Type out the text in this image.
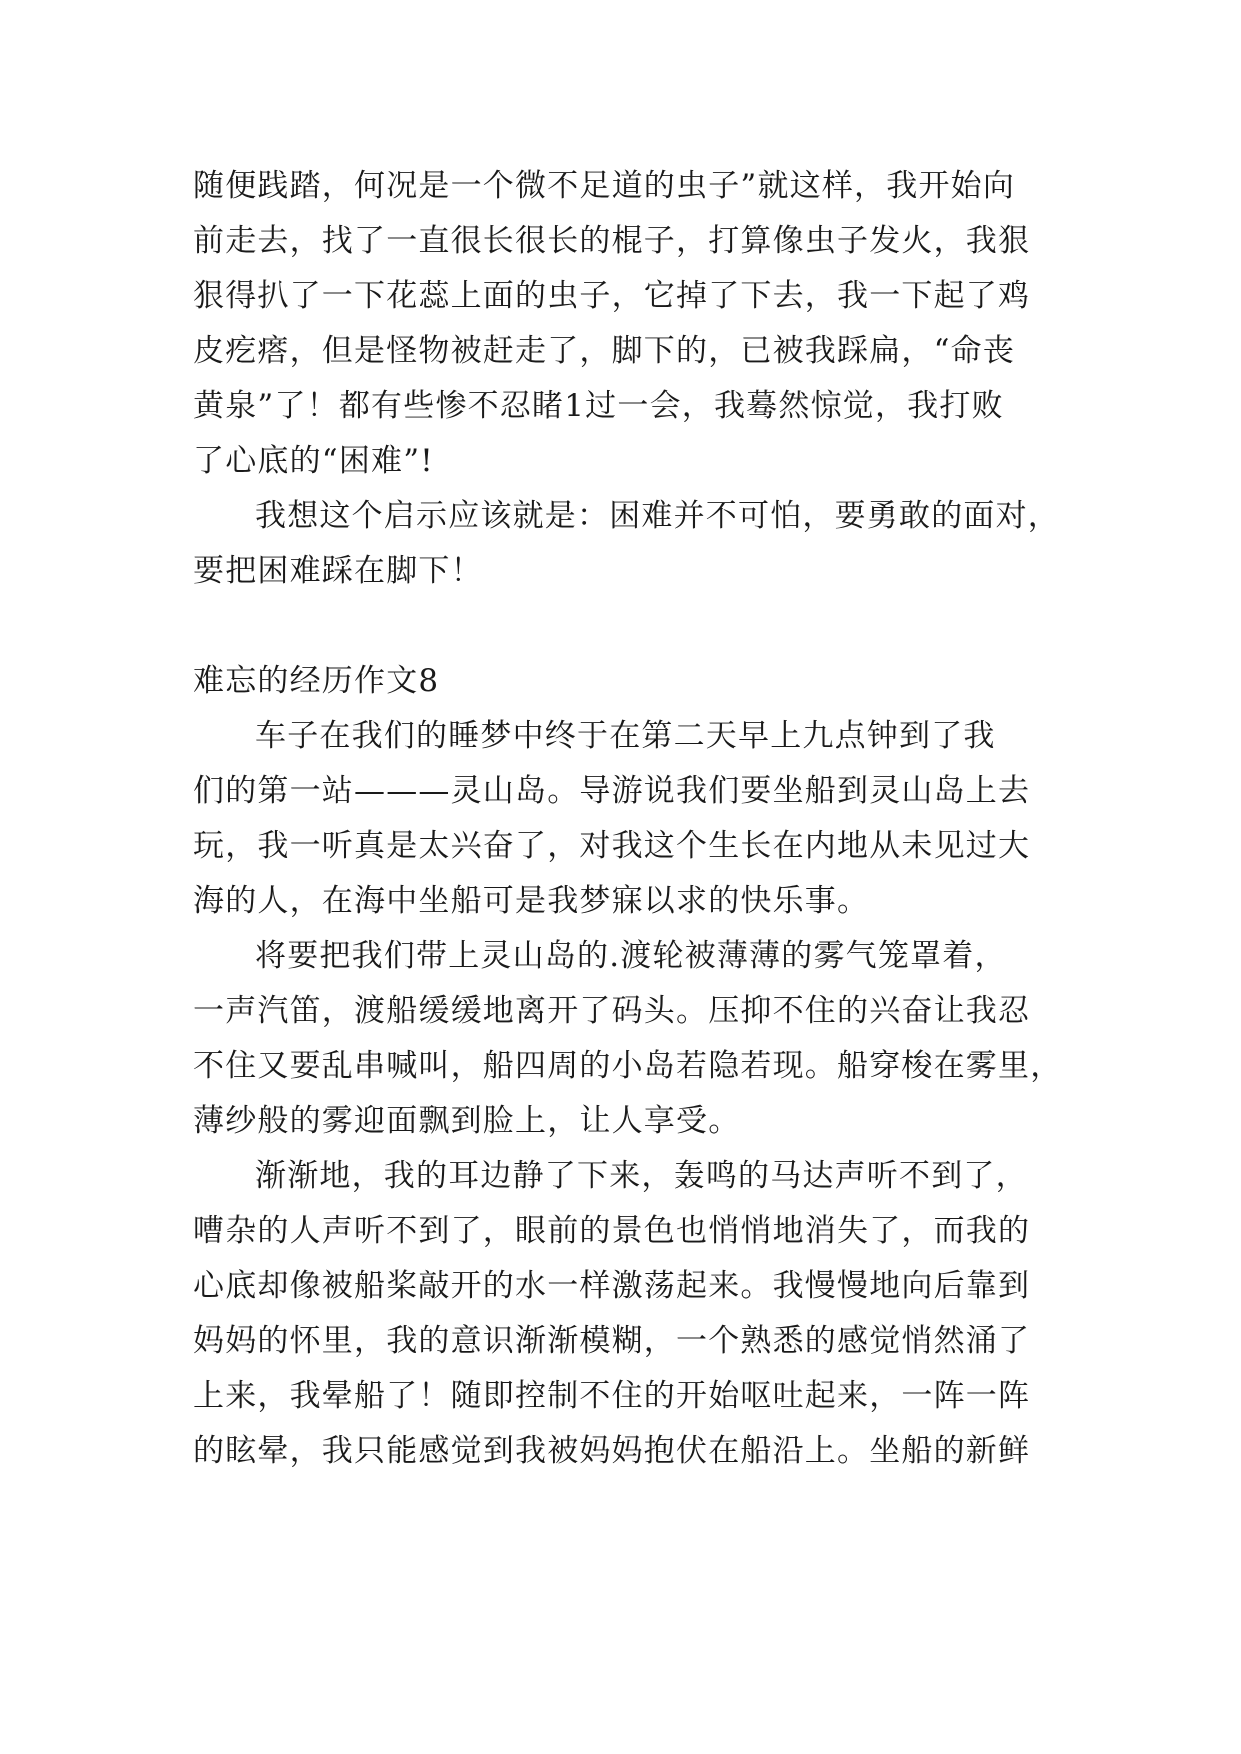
随便践踏，何况是一个微不足道的虫子”就这样，我开始向
前走去，找了一直很长很长的棍子，打算像虫子发火，我狠
狠得扒了一下花蕊上面的虫子，它掉了下去，我一下起了鸡
皮疙瘩，但是怪物被赶走了，脚下的，已被我踩扁，“命丧
黄泉”了！都有些惨不忍睹1过一会，我蓦然惊觉，我打败
了心底的“困难”!
我想这个启示应该就是：困难并不可怕，要勇敢的面对，
要把困难踩在脚下！
难忘的经历作文8
车子在我们的睡梦中终于在第二天早上九点钟到了我
们的第一站———灵山岛。导游说我们要坐船到灵山岛上去
玩，我一听真是太兴奋了，对我这个生长在内地从未见过大
海的人，在海中坐船可是我梦寐以求的快乐事。
将要把我们带上灵山岛的.渡轮被薄薄的雾气笼罩着，
一声汽笛，渡船缓缓地离开了码头。压抑不住的兴奋让我忍
不住又要乱串喊叫，船四周的小岛若隐若现。船穿梭在雾里，
薄纱般的雾迎面飘到脸上，让人享受。
渐渐地，我的耳边静了下来，轰鸣的马达声听不到了，
嘈杂的人声听不到了，眼前的景色也悄悄地消失了，而我的
心底却像被船桨敲开的水一样激荡起来。我慢慢地向后靠到
妈妈的怀里，我的意识渐渐模糊，一个熟悉的感觉悄然涌了
上来，我晕船了！随即控制不住的开始呕吐起来，一阵一阵
的眩晕，我只能感觉到我被妈妈抱伏在船沿上。坐船的新鲜
